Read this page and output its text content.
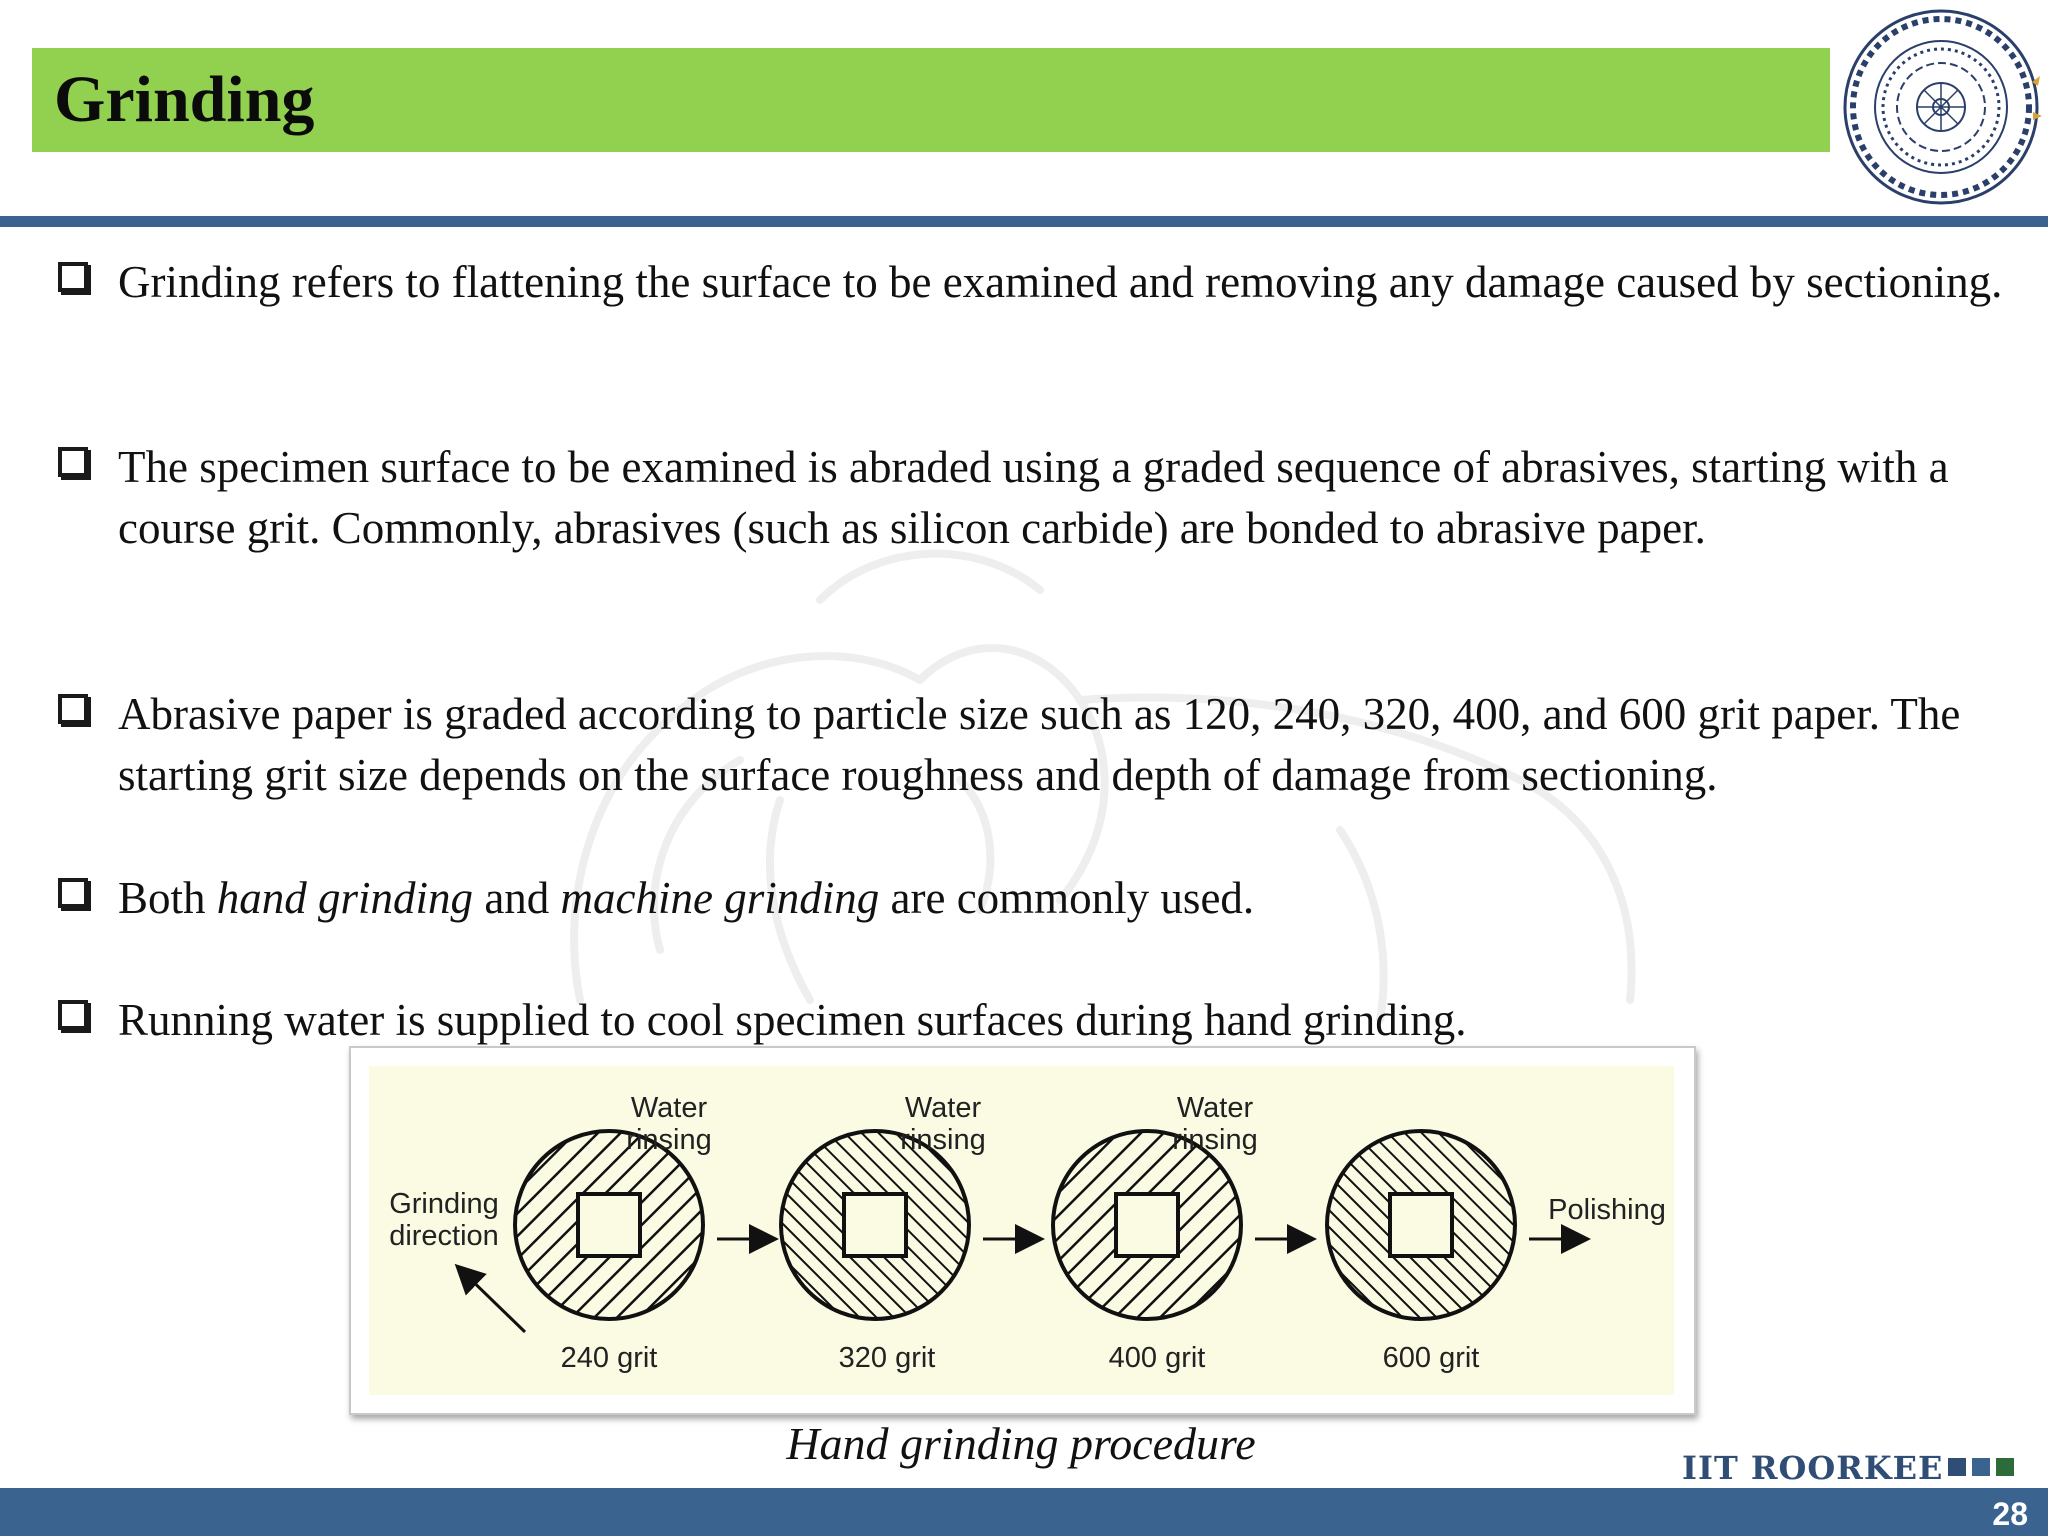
Grinding
Grinding refers to flattening the surface to be examined and removing any damage caused by sectioning.
The specimen surface to be examined is abraded using a graded sequence of abrasives, starting with a course grit. Commonly, abrasives (such as silicon carbide) are bonded to abrasive paper.
Abrasive paper is graded according to particle size such as 120, 240, 320, 400, and 600 grit paper. The starting grit size depends on the surface roughness and depth of damage from sectioning.
Both hand grinding and machine grinding are commonly used.
Running water is supplied to cool specimen surfaces during hand grinding.
Grinding
direction
Water
rinsing
Water
rinsing
Water
rinsing
Polishing
240 grit	320 grit	400 grit	600 grit
Hand grinding procedure	IIT ROORKEE
28
